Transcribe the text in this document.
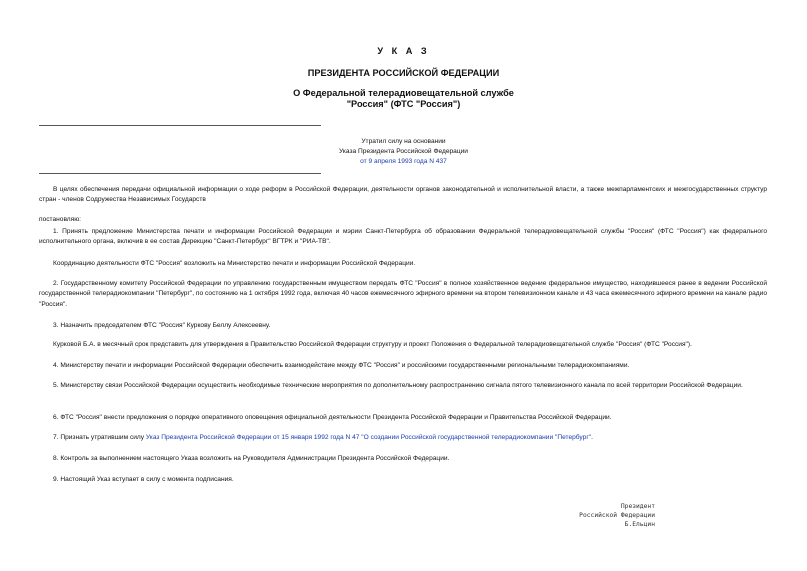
У К А З
ПРЕЗИДЕНТА РОССИЙСКОЙ ФЕДЕРАЦИИ
О Федеральной телерадиовещательной службе
"Россия" (ФТС "Россия")
Утратил силу на основании
Указа Президента Российской Федерации
от 9 апреля 1993 года N 437
В целях обеспечения передачи официальной информации о ходе реформ в Российской Федерации, деятельности органов законодательной и исполнительной власти, а также межпарламентских и межгосударственных структур стран - членов Содружества Независимых Государств
постановляю:
1. Принять предложение Министерства печати и информации Российской Федерации и мэрии Санкт-Петербурга об образовании Федеральной телерадиовещательной службы "Россия" (ФТС "Россия") как федерального исполнительного органа, включив в ее состав Дирекцию "Санкт-Петербург" ВГТРК и "РИА-ТВ".
Координацию деятельности ФТС "Россия" возложить на Министерство печати и информации Российской Федерации.
2. Государственному комитету Российской Федерации по управлению государственным имуществом передать ФТС "Россия" в полное хозяйственное ведение федеральное имущество, находившееся ранее в ведении Российской государственной телерадиокомпании "Петербург", по состоянию на 1 октября 1992 года, включая 40 часов ежемесячного эфирного времени на втором телевизионном канале и 43 часа ежемесячного эфирного времени на канале радио "Россия".
3. Назначить председателем ФТС "Россия" Куркову Беллу Алексеевну.
Курковой Б.А. в месячный срок представить для утверждения в Правительство Российской Федерации структуру и проект Положения о Федеральной телерадиовещательной службе "Россия" (ФТС "Россия").
4. Министерству печати и информации Российской Федерации обеспечить взаимодействие между ФТС "Россия" и российскими государственными региональными телерадиокомпаниями.
5. Министерству связи Российской Федерации осуществить необходимые технические мероприятия по дополнительному распространению сигнала пятого телевизионного канала по всей территории Российской Федерации.
6. ФТС "Россия" внести предложения о порядке оперативного оповещения официальной деятельности Президента Российской Федерации и Правительства Российской Федерации.
7. Признать утратившим силу Указ Президента Российской Федерации от 15 января 1992 года N 47 "О создании Российской государственной телерадиокомпании "Петербург".
8. Контроль за выполнением настоящего Указа возложить на Руководителя Администрации Президента Российской Федерации.
9. Настоящий Указ вступает в силу с момента подписания.
Президент
Российской Федерации
Б.Ельцин
